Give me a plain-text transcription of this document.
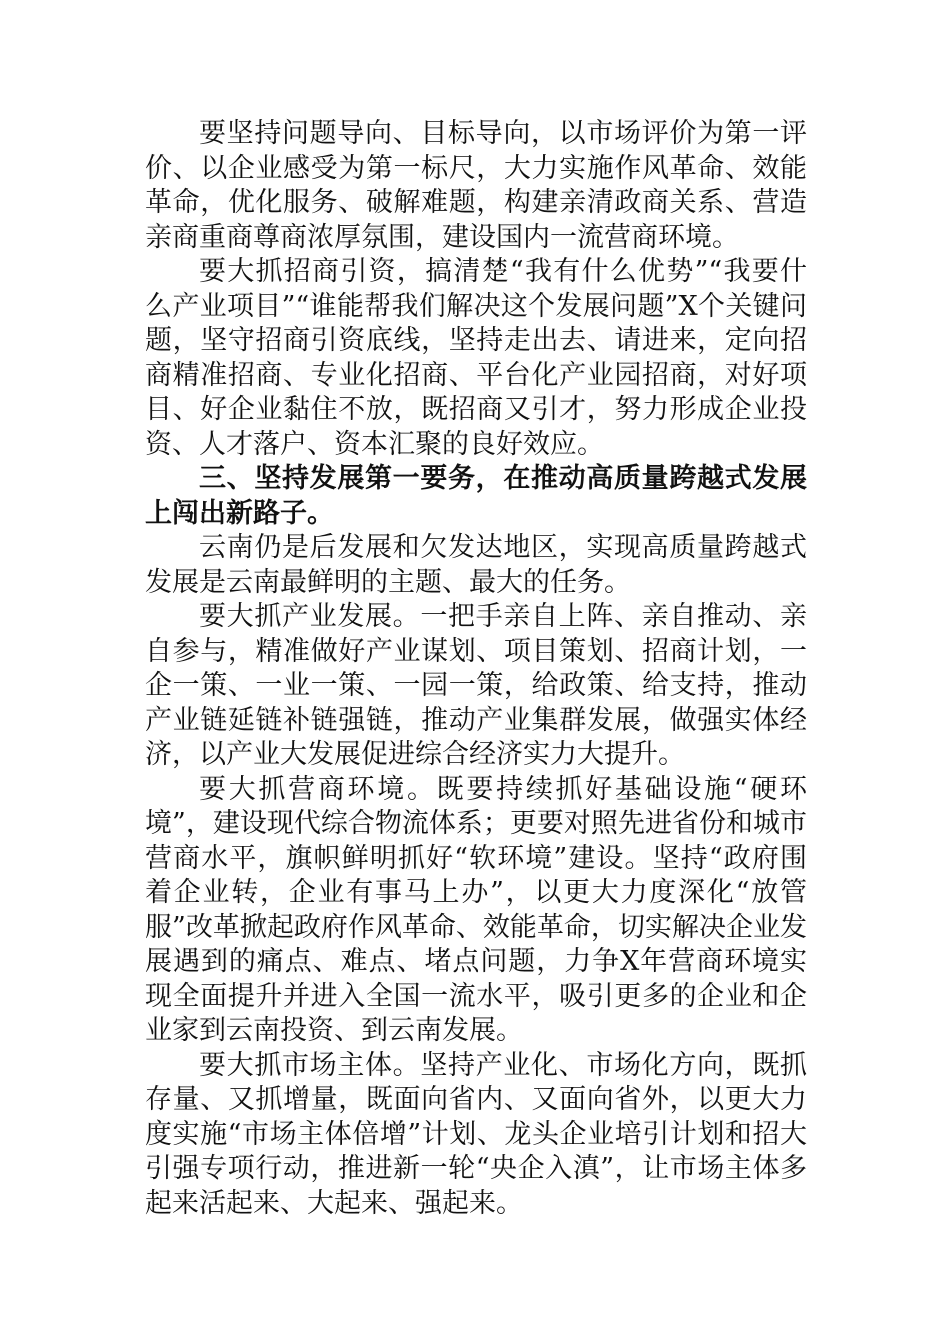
要坚持问题导向、目标导向，以市场评价为第一评价、以企业感受为第一标尺，大力实施作风革命、效能革命，优化服务、破解难题，构建亲清政商关系、营造亲商重商尊商浓厚氛围，建设国内一流营商环境。

要大抓招商引资，搞清楚“我有什么优势”“我要什么产业项目”“谁能帮我们解决这个发展问题”X个关键问题，坚守招商引资底线，坚持走出去、请进来，定向招商精准招商、专业化招商、平台化产业园招商，对好项目、好企业黏住不放，既招商又引才，努力形成企业投资、人才落户、资本汇聚的良好效应。

三、坚持发展第一要务，在推动高质量跨越式发展上闯出新路子。

云南仍是后发展和欠发达地区，实现高质量跨越式发展是云南最鲜明的主题、最大的任务。

要大抓产业发展。一把手亲自上阵、亲自推动、亲自参与，精准做好产业谋划、项目策划、招商计划，一企一策、一业一策、一园一策，给政策、给支持，推动产业链延链补链强链，推动产业集群发展，做强实体经济，以产业大发展促进综合经济实力大提升。

要大抓营商环境。既要持续抓好基础设施“硬环境”，建设现代综合物流体系；更要对照先进省份和城市营商水平，旗帜鲜明抓好“软环境”建设。坚持“政府围着企业转，企业有事马上办”，以更大力度深化“放管服”改革掀起政府作风革命、效能革命，切实解决企业发展遇到的痛点、难点、堵点问题，力争X年营商环境实现全面提升并进入全国一流水平，吸引更多的企业和企业家到云南投资、到云南发展。

要大抓市场主体。坚持产业化、市场化方向，既抓存量、又抓增量，既面向省内、又面向省外，以更大力度实施“市场主体倍增”计划、龙头企业培引计划和招大引强专项行动，推进新一轮“央企入滇”，让市场主体多起来活起来、大起来、强起来。
